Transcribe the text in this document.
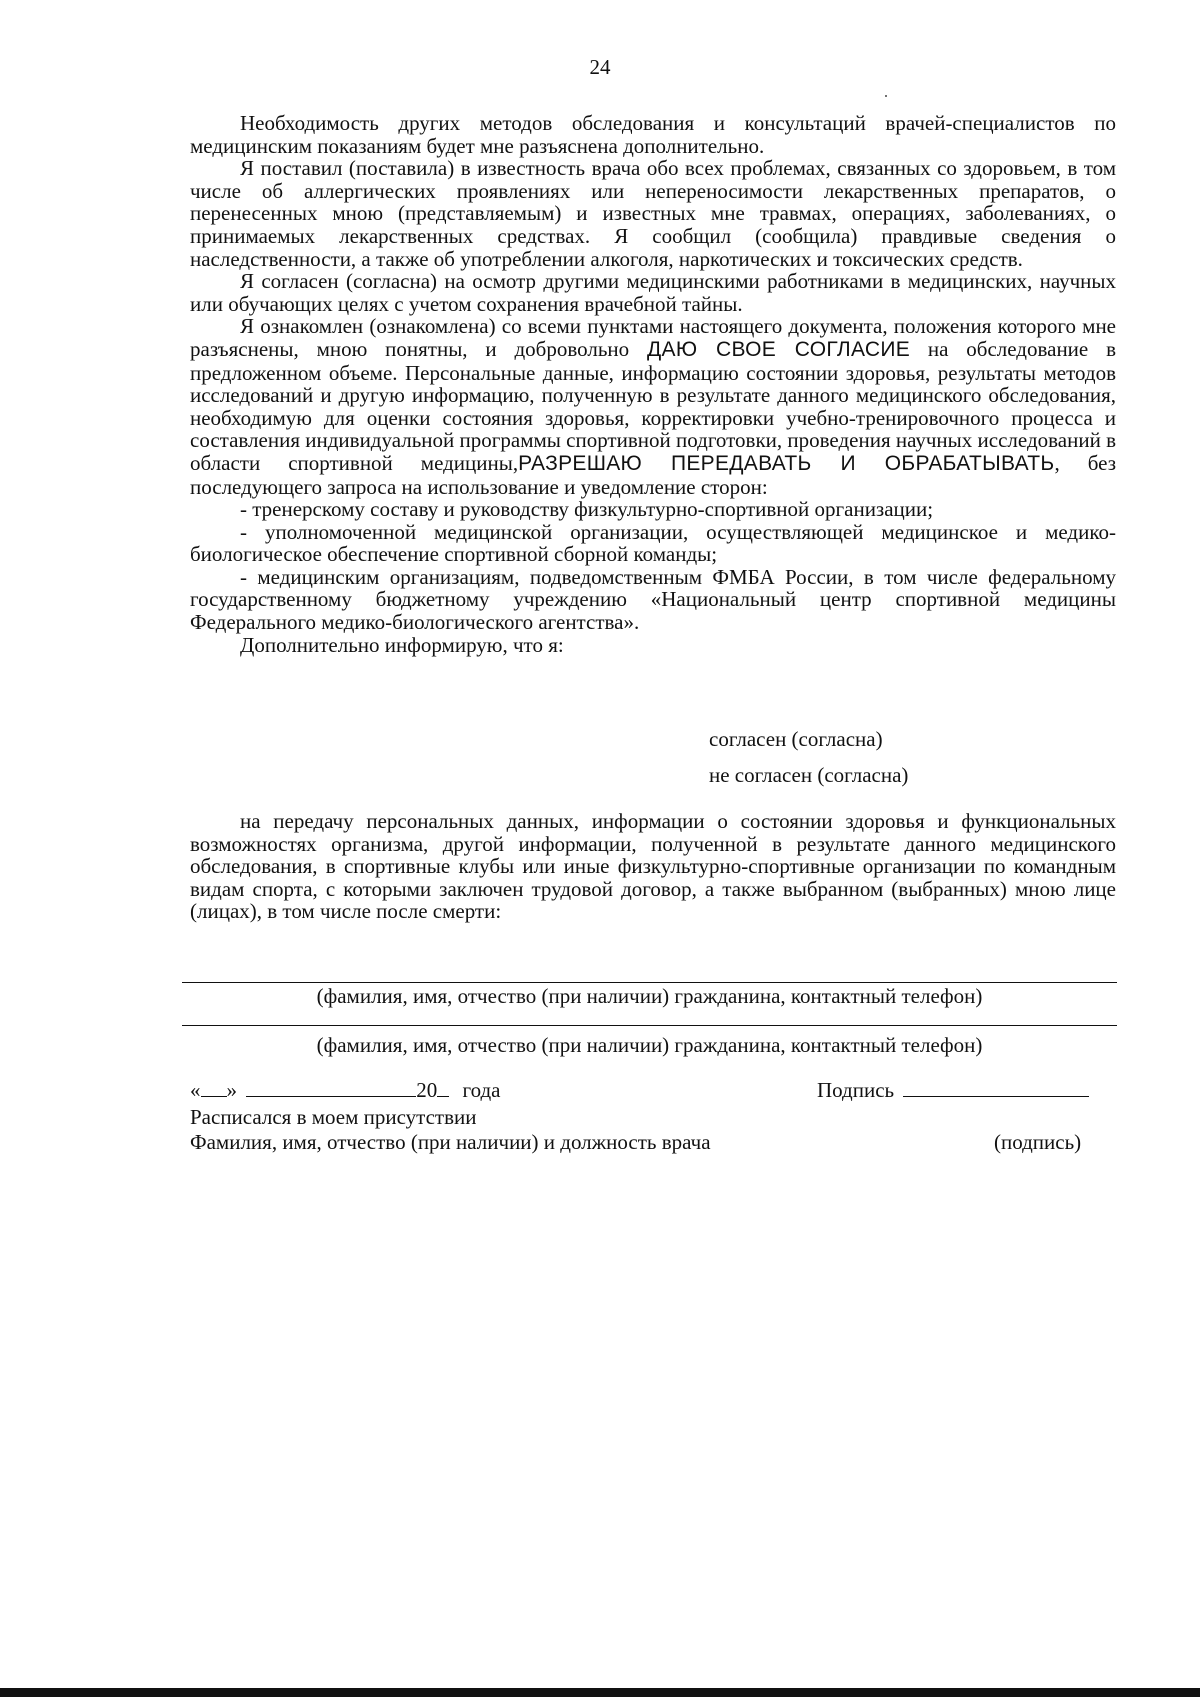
24

Необходимость других методов обследования и консультаций врачей-специалистов по медицинским показаниям будет мне разъяснена дополнительно.

Я поставил (поставила) в известность врача обо всех проблемах, связанных со здоровьем, в том числе об аллергических проявлениях или непереносимости лекарственных препаратов, о перенесенных мною (представляемым) и известных мне травмах, операциях, заболеваниях, о принимаемых лекарственных средствах. Я сообщил (сообщила) правдивые сведения о наследственности, а также об употреблении алкоголя, наркотических и токсических средств.

Я согласен (согласна) на осмотр другими медицинскими работниками в медицинских, научных или обучающих целях с учетом сохранения врачебной тайны.

Я ознакомлен (ознакомлена) со всеми пунктами настоящего документа, положения которого мне разъяснены, мною понятны, и добровольно ДАЮ СВОЕ СОГЛАСИЕ на обследование в предложенном объеме. Персональные данные, информацию состоянии здоровья, результаты методов исследований и другую информацию, полученную в результате данного медицинского обследования, необходимую для оценки состояния здоровья, корректировки учебно-тренировочного процесса и составления индивидуальной программы спортивной подготовки, проведения научных исследований в области спортивной медицины,РАЗРЕШАЮ ПЕРЕДАВАТЬ И ОБРАБАТЫВАТЬ, без последующего запроса на использование и уведомление сторон:

- тренерскому составу и руководству физкультурно-спортивной организации;

- уполномоченной медицинской организации, осуществляющей медицинское и медико-биологическое обеспечение спортивной сборной команды;

- медицинским организациям, подведомственным ФМБА России, в том числе федеральному государственному бюджетному учреждению «Национальный центр спортивной медицины Федерального медико-биологического агентства».

Дополнительно информирую, что я:

согласен (согласна)
не согласен (согласна)

на передачу персональных данных, информации о состоянии здоровья и функциональных возможностях организма, другой информации, полученной в результате данного медицинского обследования, в спортивные клубы или иные физкультурно-спортивные организации по командным видам спорта, с которыми заключен трудовой договор, а также выбранном (выбранных) мною лице (лицах), в том числе после смерти:

(фамилия, имя, отчество (при наличии) гражданина, контактный телефон)
(фамилия, имя, отчество (при наличии) гражданина, контактный телефон)
« »	20 года	Подпись
Расписался в моем присутствии
Фамилия, имя, отчество (при наличии) и должность врача	(подпись)
